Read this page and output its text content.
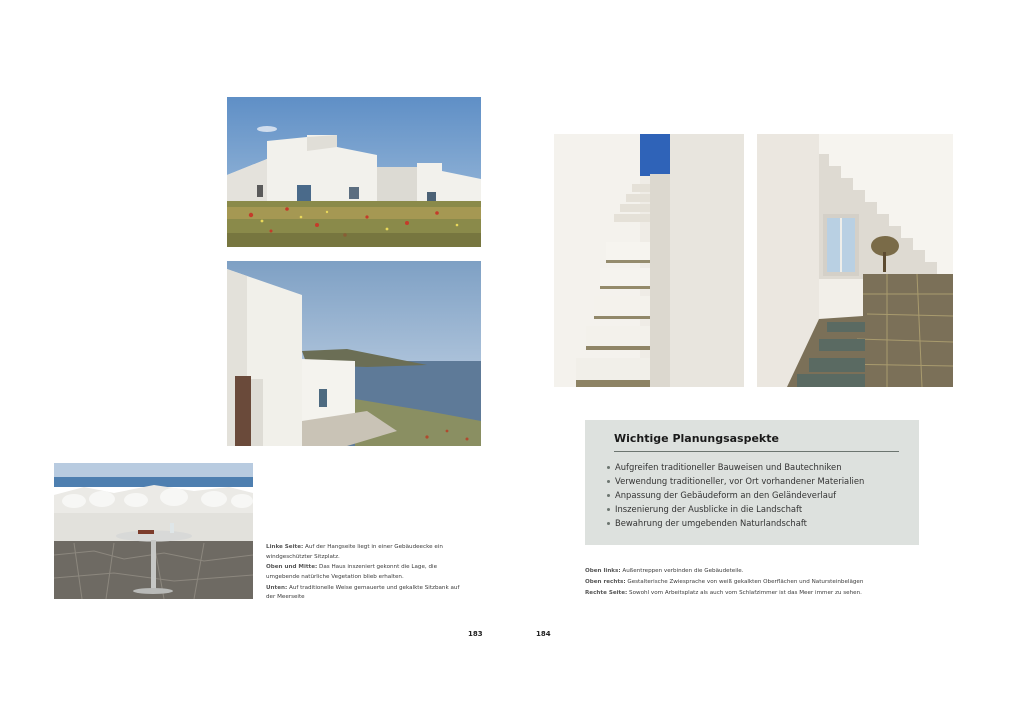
Linke Seite: Auf der Hangseite liegt in einer Gebäudeecke ein windgeschützter Sitzplatz.

Oben und Mitte: Das Haus inszeniert gekonnt die Lage, die umgebende natürliche Vegetation blieb erhalten.

Unten: Auf traditionelle Weise gemauerte und gekalkte Sitzbank auf der Meerseite

Wichtige Planungsaspekte
Aufgreifen traditioneller Bauweisen und Bautechniken
Verwendung traditioneller, vor Ort vorhandener Materialien
Anpassung der Gebäudeform an den Geländeverlauf
Inszenierung der Ausblicke in die Landschaft
Bewahrung der umgebenden Naturlandschaft

Oben links: Außentreppen verbinden die Gebäudeteile.

Oben rechts: Gestalterische Zwiesprache von weiß gekalkten Oberflächen und Natursteinbelägen

Rechte Seite: Sowohl vom Arbeitsplatz als auch vom Schlafzimmer ist das Meer immer zu sehen.

183	184
